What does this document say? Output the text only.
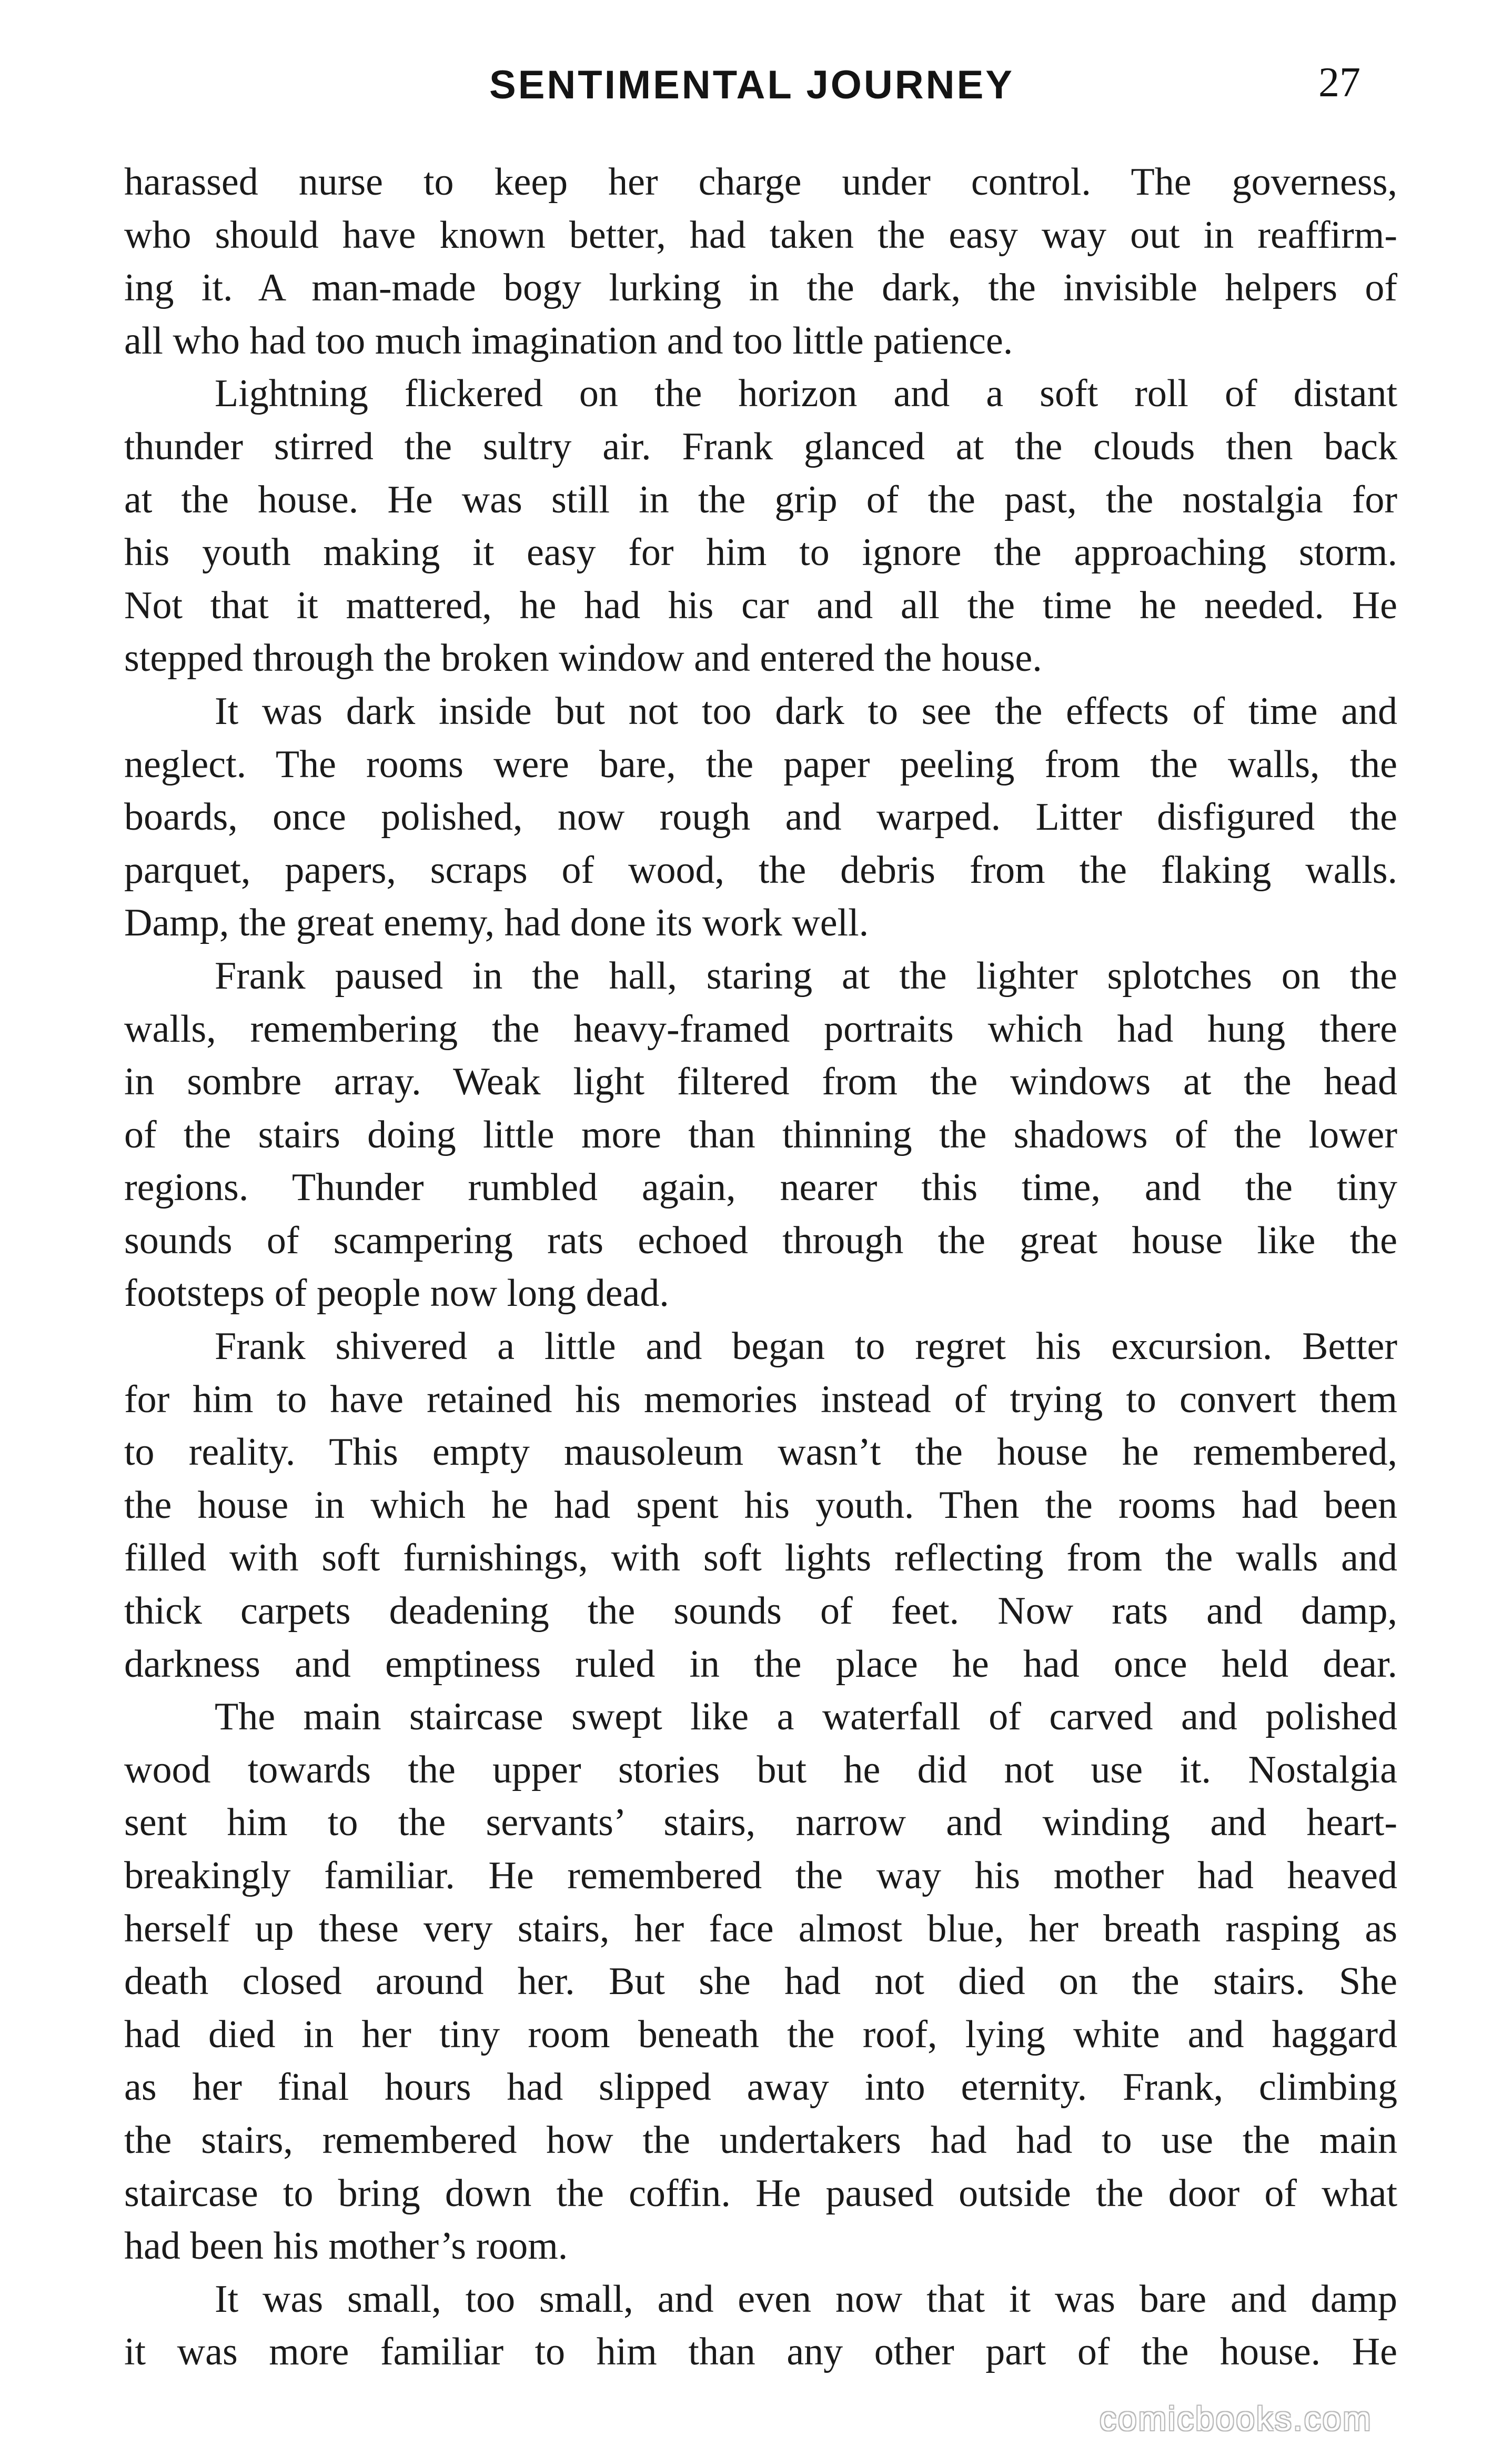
SENTIMENTAL JOURNEY	27
harassed nurse to keep her charge under control. The governess,
who should have known better, had taken the easy way out in reaffirm-
ing it. A man-made bogy lurking in the dark, the invisible helpers of
all who had too much imagination and too little patience.
Lightning flickered on the horizon and a soft roll of distant
thunder stirred the sultry air. Frank glanced at the clouds then back
at the house. He was still in the grip of the past, the nostalgia for
his youth making it easy for him to ignore the approaching storm.
Not that it mattered, he had his car and all the time he needed. He
stepped through the broken window and entered the house.
It was dark inside but not too dark to see the effects of time and
neglect. The rooms were bare, the paper peeling from the walls, the
boards, once polished, now rough and warped. Litter disfigured the
parquet, papers, scraps of wood, the debris from the flaking walls.
Damp, the great enemy, had done its work well.
Frank paused in the hall, staring at the lighter splotches on the
walls, remembering the heavy-framed portraits which had hung there
in sombre array. Weak light filtered from the windows at the head
of the stairs doing little more than thinning the shadows of the lower
regions. Thunder rumbled again, nearer this time, and the tiny
sounds of scampering rats echoed through the great house like the
footsteps of people now long dead.
Frank shivered a little and began to regret his excursion. Better
for him to have retained his memories instead of trying to convert them
to reality. This empty mausoleum wasn’t the house he remembered,
the house in which he had spent his youth. Then the rooms had been
filled with soft furnishings, with soft lights reflecting from the walls and
thick carpets deadening the sounds of feet. Now rats and damp,
darkness and emptiness ruled in the place he had once held dear.
The main staircase swept like a waterfall of carved and polished
wood towards the upper stories but he did not use it. Nostalgia
sent him to the servants’ stairs, narrow and winding and heart-
breakingly familiar. He remembered the way his mother had heaved
herself up these very stairs, her face almost blue, her breath rasping as
death closed around her. But she had not died on the stairs. She
had died in her tiny room beneath the roof, lying white and haggard
as her final hours had slipped away into eternity. Frank, climbing
the stairs, remembered how the undertakers had had to use the main
staircase to bring down the coffin. He paused outside the door of what
had been his mother’s room.
It was small, too small, and even now that it was bare and damp
it was more familiar to him than any other part of the house. He
comicbooks.com
